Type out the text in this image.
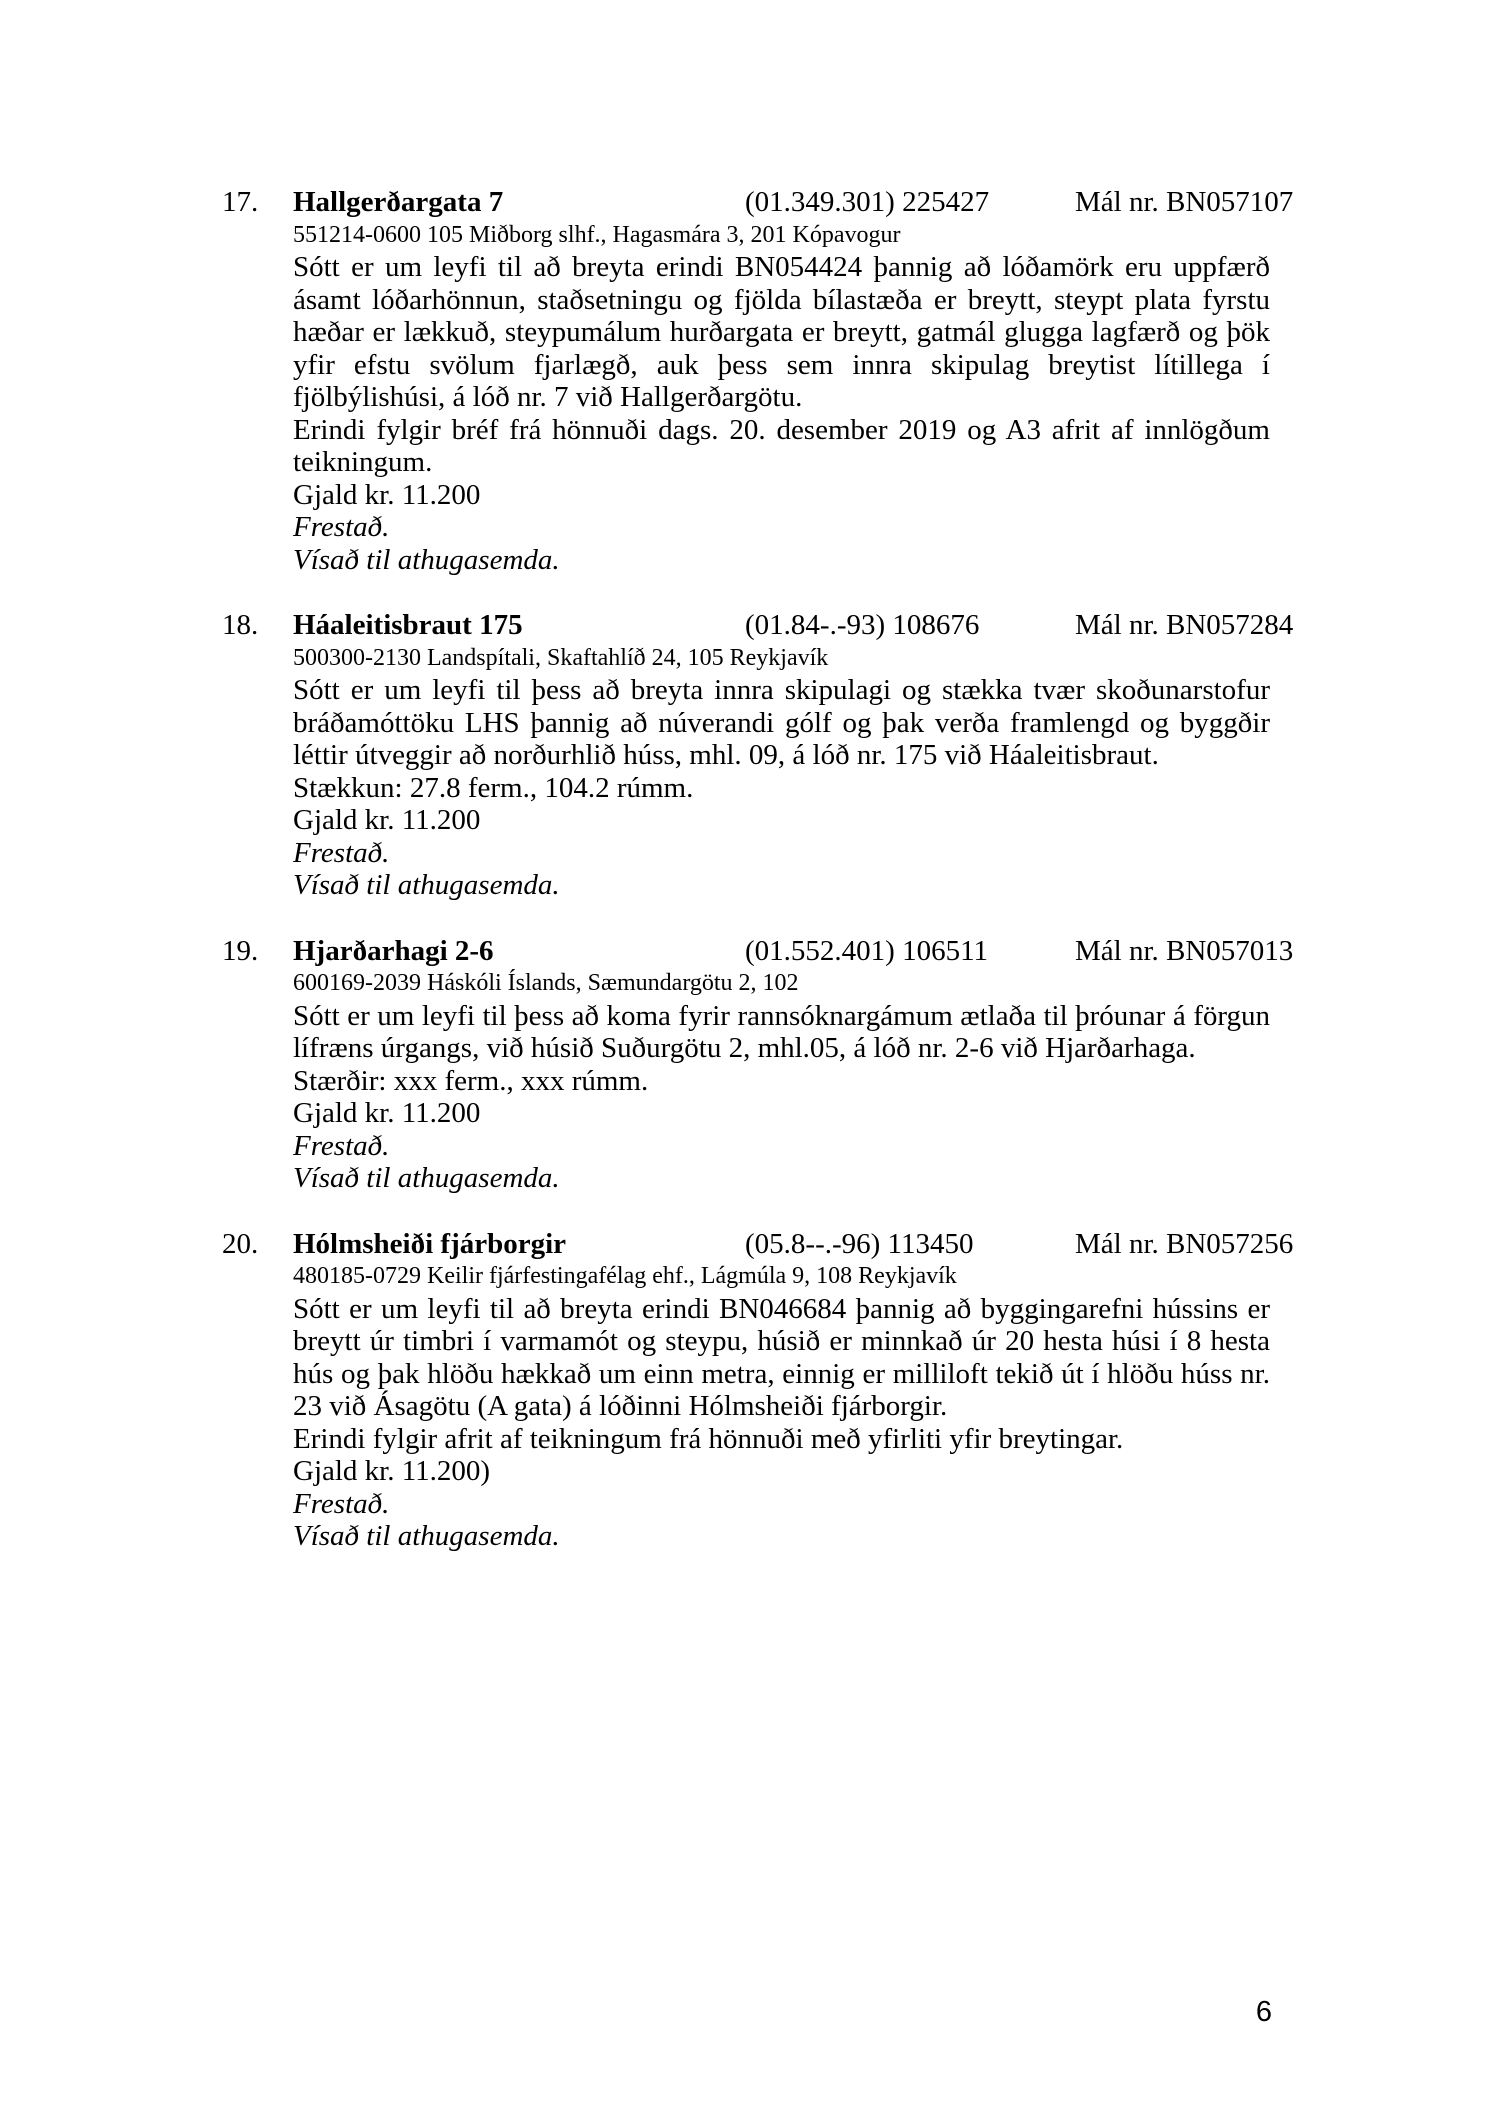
17.	Hallgerðargata 7	(01.349.301) 225427	Mál nr. BN057107
551214-0600 105 Miðborg slhf., Hagasmára 3, 201 Kópavogur

Sótt er um leyfi til að breyta erindi BN054424 þannig að lóðamörk eru uppfærð ásamt lóðarhönnun, staðsetningu og fjölda bílastæða er breytt, steypt plata fyrstu hæðar er lækkuð, steypumálum hurðargata er breytt, gatmál glugga lagfærð og þök yfir efstu svölum fjarlægð, auk þess sem innra skipulag breytist lítillega í fjölbýlishúsi, á lóð nr. 7 við Hallgerðargötu.

Erindi fylgir bréf frá hönnuði dags. 20. desember 2019 og A3 afrit af innlögðum teikningum.

Gjald kr. 11.200

Frestað.

Vísað til athugasemda.

18.	Háaleitisbraut 175	(01.84-.-93) 108676	Mál nr. BN057284
500300-2130 Landspítali, Skaftahlíð 24, 105 Reykjavík

Sótt er um leyfi til þess að breyta innra skipulagi og stækka tvær skoðunarstofur bráðamóttöku LHS þannig að núverandi gólf og þak verða framlengd og byggðir léttir útveggir að norðurhlið húss, mhl. 09, á lóð nr. 175 við Háaleitisbraut.

Stækkun: 27.8 ferm., 104.2 rúmm.

Gjald kr. 11.200

Frestað.

Vísað til athugasemda.

19.	Hjarðarhagi 2-6	(01.552.401) 106511	Mál nr. BN057013
600169-2039 Háskóli Íslands, Sæmundargötu 2, 102

Sótt er um leyfi til þess að koma fyrir rannsóknargámum ætlaða til þróunar á förgun lífræns úrgangs, við húsið Suðurgötu 2, mhl.05, á lóð nr. 2-6 við Hjarðarhaga.

Stærðir: xxx ferm., xxx rúmm.

Gjald kr. 11.200

Frestað.

Vísað til athugasemda.

20.	Hólmsheiði fjárborgir	(05.8--.-96) 113450	Mál nr. BN057256
480185-0729 Keilir fjárfestingafélag ehf., Lágmúla 9, 108 Reykjavík

Sótt er um leyfi til að breyta erindi BN046684 þannig að byggingarefni hússins er breytt úr timbri í varmamót og steypu, húsið er minnkað úr 20 hesta húsi í 8 hesta hús og þak hlöðu hækkað um einn metra, einnig er milliloft tekið út í hlöðu húss nr. 23 við Ásagötu (A gata) á lóðinni Hólmsheiði fjárborgir.

Erindi fylgir afrit af teikningum frá hönnuði með yfirliti yfir breytingar.

Gjald kr. 11.200)

Frestað.

Vísað til athugasemda.

6
